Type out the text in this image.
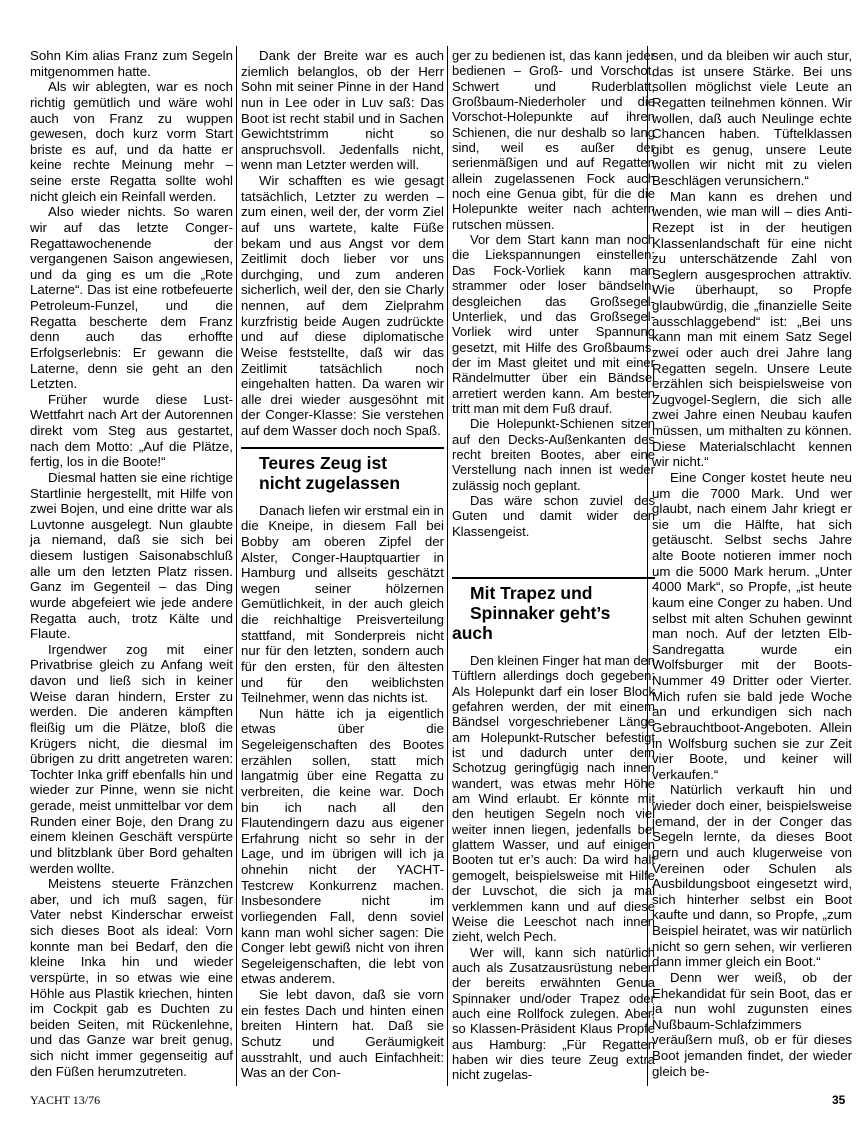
Sohn Kim alias Franz zum Segeln mitgenommen hatte.

Als wir ablegten, war es noch richtig gemütlich und wäre wohl auch von Franz zu wuppen gewesen, doch kurz vorm Start briste es auf, und da hatte er keine rechte Meinung mehr – seine erste Regatta sollte wohl nicht gleich ein Reinfall werden.

Also wieder nichts. So waren wir auf das letzte Conger-Regattawochenende der vergangenen Saison angewiesen, und da ging es um die „Rote Laterne“. Das ist eine rotbefeuerte Petroleum-Funzel, und die Regatta bescherte dem Franz denn auch das erhoffte Erfolgserlebnis: Er gewann die Laterne, denn sie geht an den Letzten.

Früher wurde diese Lust-Wettfahrt nach Art der Autorennen direkt vom Steg aus gestartet, nach dem Motto: „Auf die Plätze, fertig, los in die Boote!“

Diesmal hatten sie eine richtige Startlinie hergestellt, mit Hilfe von zwei Bojen, und eine dritte war als Luvtonne ausgelegt. Nun glaubte ja niemand, daß sie sich bei diesem lustigen Saisonabschluß alle um den letzten Platz rissen. Ganz im Gegenteil – das Ding wurde abgefeiert wie jede andere Regatta auch, trotz Kälte und Flaute.

Irgendwer zog mit einer Privatbrise gleich zu Anfang weit davon und ließ sich in keiner Weise daran hindern, Erster zu werden. Die anderen kämpften fleißig um die Plätze, bloß die Krügers nicht, die diesmal im übrigen zu dritt angetreten waren: Tochter Inka griff ebenfalls hin und wieder zur Pinne, wenn sie nicht gerade, meist unmittelbar vor dem Runden einer Boje, den Drang zu einem kleinen Geschäft verspürte und blitzblank über Bord gehalten werden wollte.

Meistens steuerte Fränzchen aber, und ich muß sagen, für Vater nebst Kinderschar erweist sich dieses Boot als ideal: Vorn konnte man bei Bedarf, den die kleine Inka hin und wieder verspürte, in so etwas wie eine Höhle aus Plastik kriechen, hinten im Cockpit gab es Duchten zu beiden Seiten, mit Rückenlehne, und das Ganze war breit genug, sich nicht immer gegenseitig auf den Füßen herumzutreten.

Dank der Breite war es auch ziemlich belanglos, ob der Herr Sohn mit seiner Pinne in der Hand nun in Lee oder in Luv saß: Das Boot ist recht stabil und in Sachen Gewichtstrimm nicht so anspruchsvoll. Jedenfalls nicht, wenn man Letzter werden will.

Wir schafften es wie gesagt tatsächlich, Letzter zu werden – zum einen, weil der, der vorm Ziel auf uns wartete, kalte Füße bekam und aus Angst vor dem Zeitlimit doch lieber vor uns durchging, und zum anderen sicherlich, weil der, den sie Charly nennen, auf dem Zielprahm kurzfristig beide Augen zudrückte und auf diese diplomatische Weise feststellte, daß wir das Zeitlimit tatsächlich noch eingehalten hatten. Da waren wir alle drei wieder ausgesöhnt mit der Conger-Klasse: Sie verstehen auf dem Wasser doch noch Spaß.

Teures Zeug ist

nicht zugelassen

Danach liefen wir erstmal ein in die Kneipe, in diesem Fall bei Bobby am oberen Zipfel der Alster, Conger-Hauptquartier in Hamburg und allseits geschätzt wegen seiner hölzernen Gemütlichkeit, in der auch gleich die reichhaltige Preisverteilung stattfand, mit Sonderpreis nicht nur für den letzten, sondern auch für den ersten, für den ältesten und für den weiblichsten Teilnehmer, wenn das nichts ist.

Nun hätte ich ja eigentlich etwas über die Segeleigenschaften des Bootes erzählen sollen, statt mich langatmig über eine Regatta zu verbreiten, die keine war. Doch bin ich nach all den Flautendingern dazu aus eigener Erfahrung nicht so sehr in der Lage, und im übrigen will ich ja ohnehin nicht der YACHT-Testcrew Konkurrenz machen. Insbesondere nicht im vorliegenden Fall, denn soviel kann man wohl sicher sagen: Die Conger lebt gewiß nicht von ihren Segeleigenschaften, die lebt von etwas anderem.

Sie lebt davon, daß sie vorn ein festes Dach und hinten einen breiten Hintern hat. Daß sie Schutz und Geräumigkeit ausstrahlt, und auch Einfachheit: Was an der Con-

ger zu bedienen ist, das kann jeder bedienen – Groß- und Vorschot, Schwert und Ruderblatt, Großbaum-Niederholer und die Vorschot-Holepunkte auf ihren Schienen, die nur deshalb so lang sind, weil es außer der serienmäßigen und auf Regatten allein zugelassenen Fock auch noch eine Genua gibt, für die die Holepunkte weiter nach achtern rutschen müssen.

Vor dem Start kann man noch die Liekspannungen einstellen: Das Fock-Vorliek kann man strammer oder loser bändseln, desgleichen das Großsegel-Unterliek, und das Großsegel-Vorliek wird unter Spannung gesetzt, mit Hilfe des Großbaums, der im Mast gleitet und mit einer Rändelmutter über ein Bändsel arretiert werden kann. Am besten tritt man mit dem Fuß drauf.

Die Holepunkt-Schienen sitzen auf den Decks-Außenkanten des recht breiten Bootes, aber eine Verstellung nach innen ist weder zulässig noch geplant.

Das wäre schon zuviel des Guten und damit wider den Klassengeist.

Mit Trapez und

Spinnaker geht’s auch

Den kleinen Finger hat man den Tüftlern allerdings doch gegeben: Als Holepunkt darf ein loser Block gefahren werden, der mit einem Bändsel vorgeschriebener Länge am Holepunkt-Rutscher befestigt ist und dadurch unter dem Schotzug geringfügig nach innen wandert, was etwas mehr Höhe am Wind erlaubt. Er könnte mit den heutigen Segeln noch viel weiter innen liegen, jedenfalls bei glattem Wasser, und auf einigen Booten tut er’s auch: Da wird halt gemogelt, beispielsweise mit Hilfe der Luvschot, die sich ja mal verklemmen kann und auf diese Weise die Leeschot nach innen zieht, welch Pech.

Wer will, kann sich natürlich auch als Zusatzausrüstung neben der bereits erwähnten Genua Spinnaker und/oder Trapez oder auch eine Rollfock zulegen. Aber, so Klassen-Präsident Klaus Propfe aus Hamburg: „Für Regatten haben wir dies teure Zeug extra nicht zugelas-

sen, und da bleiben wir auch stur, das ist unsere Stärke. Bei uns sollen möglichst viele Leute an Regatten teilnehmen können. Wir wollen, daß auch Neulinge echte Chancen haben. Tüftelklassen gibt es genug, unsere Leute wollen wir nicht mit zu vielen Beschlägen verunsichern.“

Man kann es drehen und wenden, wie man will – dies Anti-Rezept ist in der heutigen Klassenlandschaft für eine nicht zu unterschätzende Zahl von Seglern ausgesprochen attraktiv. Wie überhaupt, so Propfe glaubwürdig, die „finanzielle Seite ausschlaggebend“ ist: „Bei uns kann man mit einem Satz Segel zwei oder auch drei Jahre lang Regatten segeln. Unsere Leute erzählen sich beispielsweise von Zugvogel-Seglern, die sich alle zwei Jahre einen Neubau kaufen müssen, um mithalten zu können. Diese Materialschlacht kennen wir nicht.“

Eine Conger kostet heute neu um die 7000 Mark. Und wer glaubt, nach einem Jahr kriegt er sie um die Hälfte, hat sich getäuscht. Selbst sechs Jahre alte Boote notieren immer noch um die 5000 Mark herum. „Unter 4000 Mark“, so Propfe, „ist heute kaum eine Conger zu haben. Und selbst mit alten Schuhen gewinnt man noch. Auf der letzten Elb-Sandregatta wurde ein Wolfsburger mit der Boots-Nummer 49 Dritter oder Vierter. Mich rufen sie bald jede Woche an und erkundigen sich nach Gebrauchtboot-Angeboten. Allein in Wolfsburg suchen sie zur Zeit vier Boote, und keiner will verkaufen.“

Natürlich verkauft hin und wieder doch einer, beispielsweise jemand, der in der Conger das Segeln lernte, da dieses Boot gern und auch klugerweise von Vereinen oder Schulen als Ausbildungsboot eingesetzt wird, sich hinterher selbst ein Boot kaufte und dann, so Propfe, „zum Beispiel heiratet, was wir natürlich nicht so gern sehen, wir verlieren dann immer gleich ein Boot.“

Denn wer weiß, ob der Ehekandidat für sein Boot, das er ja nun wohl zugunsten eines Nußbaum-Schlafzimmers veräußern muß, ob er für dieses Boot jemanden findet, der wieder gleich be-

YACHT 13/76	35
